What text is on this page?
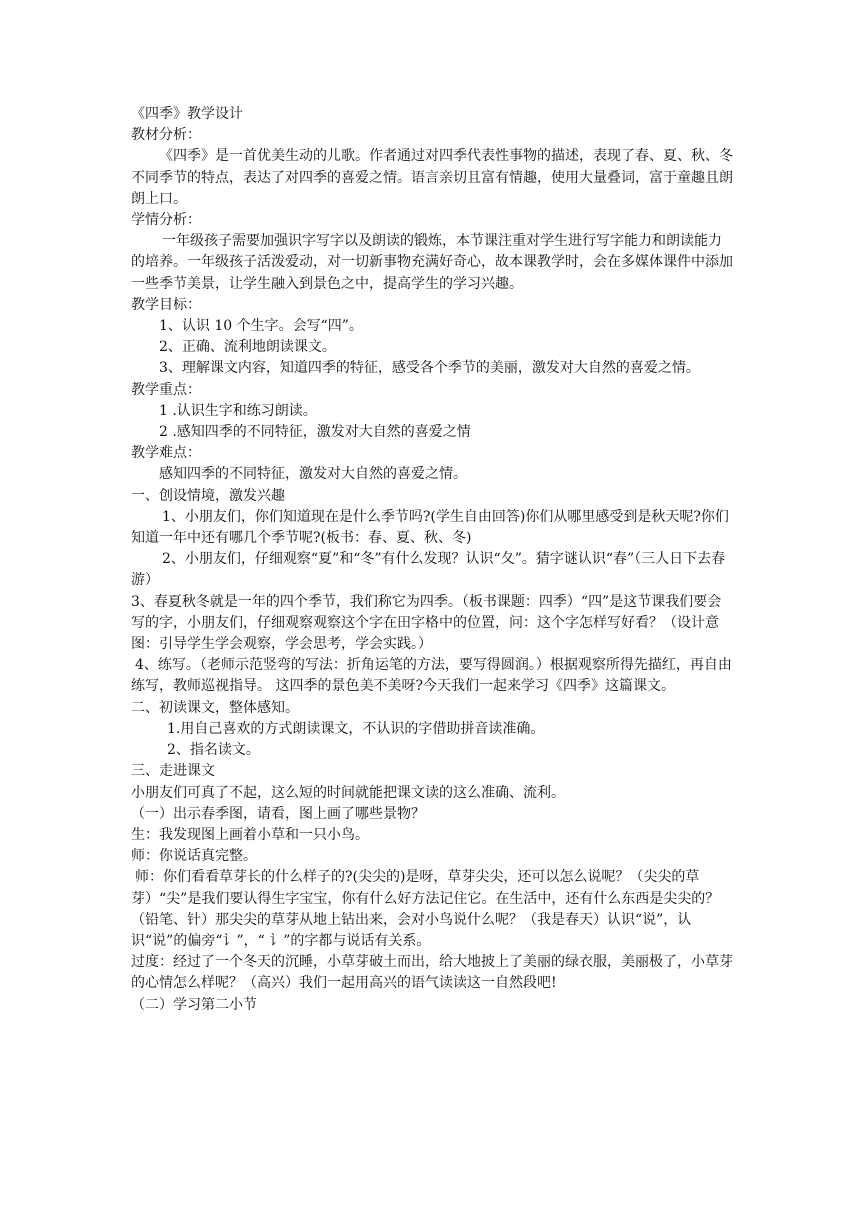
《四季》教学设计

教材分析：

《四季》是一首优美生动的儿歌。作者通过对四季代表性事物的描述，表现了春、夏、秋、冬不同季节的特点，表达了对四季的喜爱之情。语言亲切且富有情趣，使用大量叠词，富于童趣且朗朗上口。

学情分析：

一年级孩子需要加强识字写字以及朗读的锻炼，本节课注重对学生进行写字能力和朗读能力的培养。一年级孩子活泼爱动，对一切新事物充满好奇心，故本课教学时，会在多媒体课件中添加一些季节美景，让学生融入到景色之中，提高学生的学习兴趣。

教学目标：

1、认识 10 个生字。会写“四”。

2、正确、流利地朗读课文。

3、理解课文内容，知道四季的特征，感受各个季节的美丽，激发对大自然的喜爱之情。

教学重点：

1 .认识生字和练习朗读。

2 .感知四季的不同特征，激发对大自然的喜爱之情

教学难点：

感知四季的不同特征，激发对大自然的喜爱之情。

一、创设情境，激发兴趣

1、小朋友们，你们知道现在是什么季节吗?(学生自由回答)你们从哪里感受到是秋天呢?你们知道一年中还有哪几个季节呢?(板书：春、夏、秋、冬)

2、小朋友们，仔细观察“夏”和“冬”有什么发现？认识“夂”。猜字谜认识“春”（三人日下去春游）

3、春夏秋冬就是一年的四个季节，我们称它为四季。（板书课题：四季）“四”是这节课我们要会写的字，小朋友们，仔细观察观察这个字在田字格中的位置，问：这个字怎样写好看？（设计意图：引导学生学会观察，学会思考，学会实践。）

4、练写。（老师示范竖弯的写法：折角运笔的方法，要写得圆润。）根据观察所得先描红，再自由练写，教师巡视指导。 这四季的景色美不美呀?今天我们一起来学习《四季》这篇课文。

二、初读课文，整体感知。

1.用自己喜欢的方式朗读课文，不认识的字借助拼音读准确。

2、指名读文。

三、走进课文

小朋友们可真了不起，这么短的时间就能把课文读的这么准确、流利。

（一）出示春季图，请看，图上画了哪些景物？

生：我发现图上画着小草和一只小鸟。

师：你说话真完整。

师：你们看看草芽长的什么样子的?(尖尖的)是呀，草芽尖尖，还可以怎么说呢？（尖尖的草芽）“尖”是我们要认得生字宝宝，你有什么好方法记住它。在生活中，还有什么东西是尖尖的？（铅笔、针）那尖尖的草芽从地上钻出来，会对小鸟说什么呢？（我是春天）认识“说”，认识“说”的偏旁“讠”，“ 讠”的字都与说话有关系。

过度：经过了一个冬天的沉睡，小草芽破土而出，给大地披上了美丽的绿衣服，美丽极了，小草芽的心情怎么样呢？（高兴）我们一起用高兴的语气读读这一自然段吧!

（二）学习第二小节
